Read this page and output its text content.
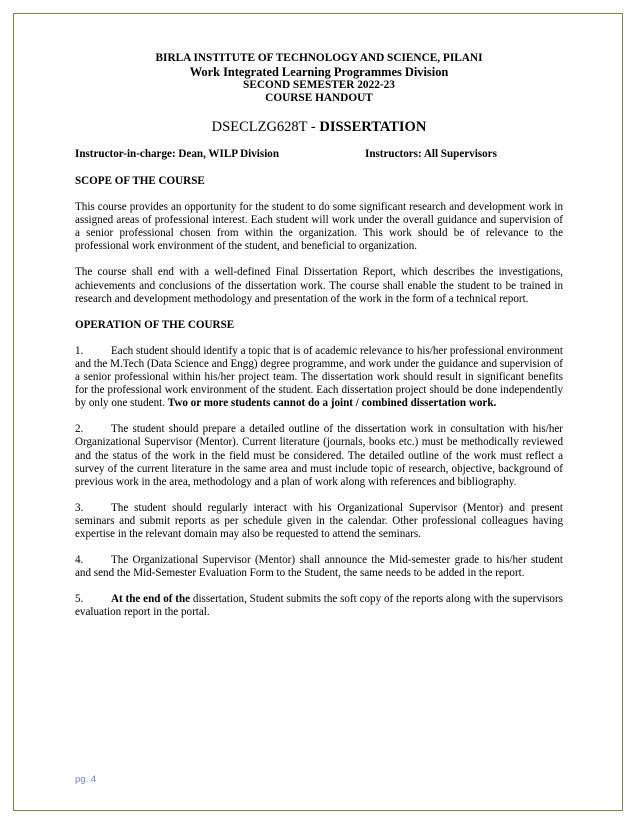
BIRLA INSTITUTE OF TECHNOLOGY AND SCIENCE, PILANI
Work Integrated Learning Programmes Division
SECOND SEMESTER 2022-23
COURSE HANDOUT
DSECLZG628T - DISSERTATION
Instructor-in-charge: Dean, WILP Division	Instructors: All Supervisors
SCOPE OF THE COURSE

This course provides an opportunity for the student to do some significant research and development work in assigned areas of professional interest. Each student will work under the overall guidance and supervision of a senior professional chosen from within the organization. This work should be of relevance to the professional work environment of the student, and beneficial to organization.

The course shall end with a well-defined Final Dissertation Report, which describes the investigations, achievements and conclusions of the dissertation work. The course shall enable the student to be trained in research and development methodology and presentation of the work in the form of a technical report.

OPERATION OF THE COURSE

1. Each student should identify a topic that is of academic relevance to his/her professional environment and the M.Tech (Data Science and Engg) degree programme, and work under the guidance and supervision of a senior professional within his/her project team. The dissertation work should result in significant benefits for the professional work environment of the student. Each dissertation project should be done independently by only one student. Two or more students cannot do a joint / combined dissertation work.

2. The student should prepare a detailed outline of the dissertation work in consultation with his/her Organizational Supervisor (Mentor). Current literature (journals, books etc.) must be methodically reviewed and the status of the work in the field must be considered. The detailed outline of the work must reflect a survey of the current literature in the same area and must include topic of research, objective, background of previous work in the area, methodology and a plan of work along with references and bibliography.

3. The student should regularly interact with his Organizational Supervisor (Mentor) and present seminars and submit reports as per schedule given in the calendar. Other professional colleagues having expertise in the relevant domain may also be requested to attend the seminars.

4. The Organizational Supervisor (Mentor) shall announce the Mid-semester grade to his/her student and send the Mid-Semester Evaluation Form to the Student, the same needs to be added in the report.

5. At the end of the dissertation, Student submits the soft copy of the reports along with the supervisors evaluation report in the portal.

pg. 4
